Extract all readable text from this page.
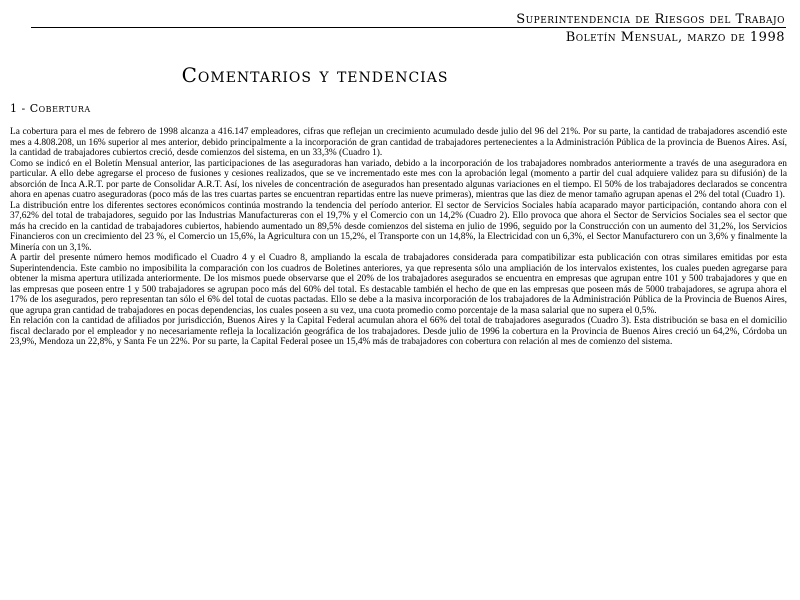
Superintendencia de Riesgos del Trabajo
Boletín Mensual, marzo de 1998
Comentarios y tendencias
1 - Cobertura

La cobertura para el mes de febrero de 1998 alcanza a 416.147 empleadores, cifras que reflejan un crecimiento acumulado desde julio del 96 del 21%. Por su parte, la cantidad de trabajadores ascendió este mes a 4.808.208, un 16% superior al mes anterior, debido principalmente a la incorporación de gran cantidad de trabajadores pertenecientes a la Administración Pública de la provincia de Buenos Aires. Así, la cantidad de trabajadores cubiertos creció, desde comienzos del sistema, en un 33,3% (Cuadro 1).

Como se indicó en el Boletín Mensual anterior, las participaciones de las aseguradoras han variado, debido a la incorporación de los trabajadores nombrados anteriormente a través de una aseguradora en particular. A ello debe agregarse el proceso de fusiones y cesiones realizados, que se ve incrementado este mes con la aprobación legal (momento a partir del cual adquiere validez para su difusión) de la absorción de Inca A.R.T. por parte de Consolidar A.R.T. Así, los niveles de concentración de asegurados han presentado algunas variaciones en el tiempo. El 50% de los trabajadores declarados se concentra ahora en apenas cuatro aseguradoras (poco más de las tres cuartas partes se encuentran repartidas entre las nueve primeras), mientras que las diez de menor tamaño agrupan apenas el 2% del total (Cuadro 1).

La distribución entre los diferentes sectores económicos continúa mostrando la tendencia del período anterior. El sector de Servicios Sociales había acaparado mayor participación, contando ahora con el 37,62% del total de trabajadores, seguido por las Industrias Manufactureras con el 19,7% y el Comercio con un 14,2% (Cuadro 2). Ello provoca que ahora el Sector de Servicios Sociales sea el sector que más ha crecido en la cantidad de trabajadores cubiertos, habiendo aumentado un 89,5% desde comienzos del sistema en julio de 1996, seguido por la Construcción con un aumento del 31,2%, los Servicios Financieros con un crecimiento del 23 %, el Comercio un 15,6%, la Agricultura con un 15,2%, el Transporte con un 14,8%, la Electricidad con un 6,3%, el Sector Manufacturero con un 3,6% y finalmente la Minería con un 3,1%.

A partir del presente número hemos modificado el Cuadro 4 y el Cuadro 8, ampliando la escala de trabajadores considerada para compatibilizar esta publicación con otras similares emitidas por esta Superintendencia. Este cambio no imposibilita la comparación con los cuadros de Boletines anteriores, ya que representa sólo una ampliación de los intervalos existentes, los cuales pueden agregarse para obtener la misma apertura utilizada anteriormente. De los mismos puede observarse que el 20% de los trabajadores asegurados se encuentra en empresas que agrupan entre 101 y 500 trabajadores y que en las empresas que poseen entre 1 y 500 trabajadores se agrupan poco más del 60% del total. Es destacable también el hecho de que en las empresas que poseen más de 5000 trabajadores, se agrupa ahora el 17% de los asegurados, pero representan tan sólo el 6% del total de cuotas pactadas. Ello se debe a la masiva incorporación de los trabajadores de la Administración Pública de la Provincia de Buenos Aires, que agrupa gran cantidad de trabajadores en pocas dependencias, los cuales poseen a su vez, una cuota promedio como porcentaje de la masa salarial que no supera el 0,5%.

En relación con la cantidad de afiliados por jurisdicción, Buenos Aires y la Capital Federal acumulan ahora el 66% del total de trabajadores asegurados (Cuadro 3). Esta distribución se basa en el domicilio fiscal declarado por el empleador y no necesariamente refleja la localización geográfica de los trabajadores. Desde julio de 1996 la cobertura en la Provincia de Buenos Aires creció un 64,2%, Córdoba un 23,9%, Mendoza un 22,8%, y Santa Fe un 22%. Por su parte, la Capital Federal posee un 15,4% más de trabajadores con cobertura con relación al mes de comienzo del sistema.
